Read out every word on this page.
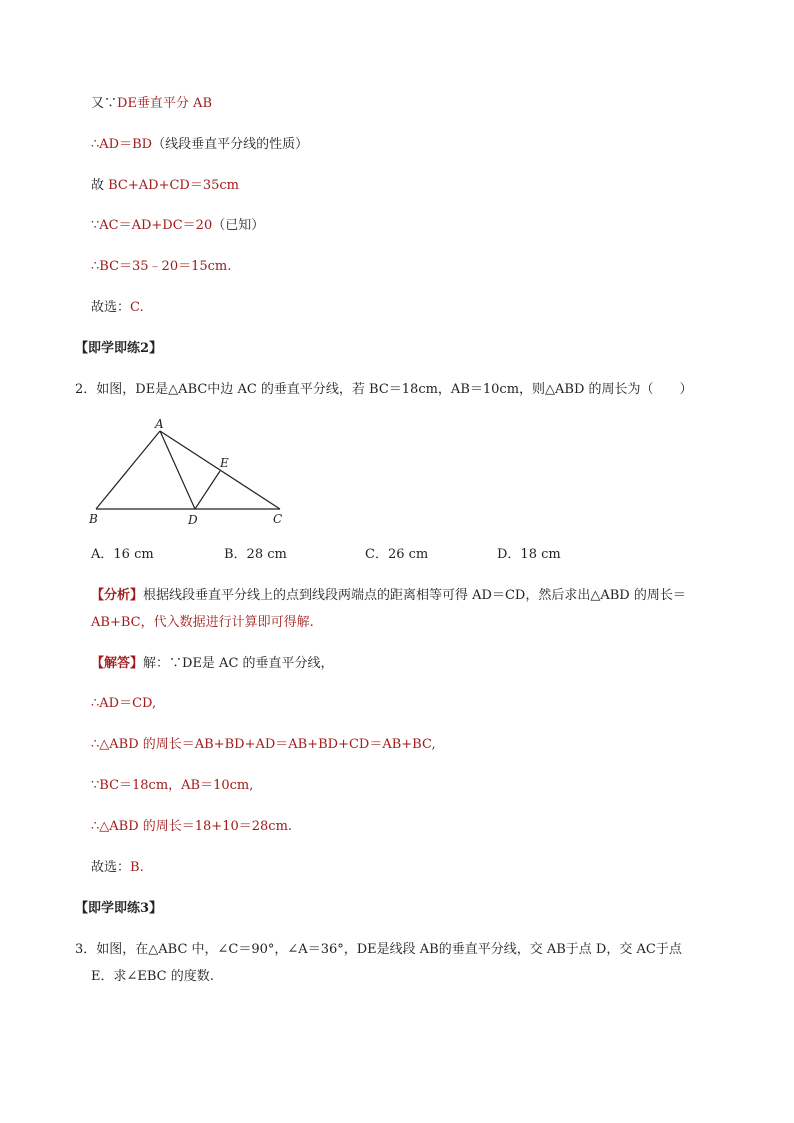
又∵DE垂直平分 AB
∴AD＝BD（线段垂直平分线的性质）
故 BC+AD+CD＝35cm
∵AC＝AD+DC＝20（已知）
∴BC＝35﹣20＝15cm.
故选：C.
【即学即练2】
2．如图，DE是△ABC中边 AC 的垂直平分线，若 BC＝18cm，AB＝10cm，则△ABD 的周长为（　　）
A
B	C
D
E
A．16 cm	B．28 cm	C．26 cm	D．18 cm
【分析】根据线段垂直平分线上的点到线段两端点的距离相等可得 AD＝CD，然后求出△ABD 的周长＝
AB+BC，代入数据进行计算即可得解.
【解答】解：∵DE是 AC 的垂直平分线，
∴AD＝CD,
∴△ABD 的周长＝AB+BD+AD＝AB+BD+CD＝AB+BC,
∵BC＝18cm，AB＝10cm,
∴△ABD 的周长＝18+10＝28cm.
故选：B.
【即学即练3】
3．如图，在△ABC 中，∠C＝90°，∠A＝36°，DE是线段 AB的垂直平分线，交 AB于点 D，交 AC于点
E．求∠EBC 的度数.
